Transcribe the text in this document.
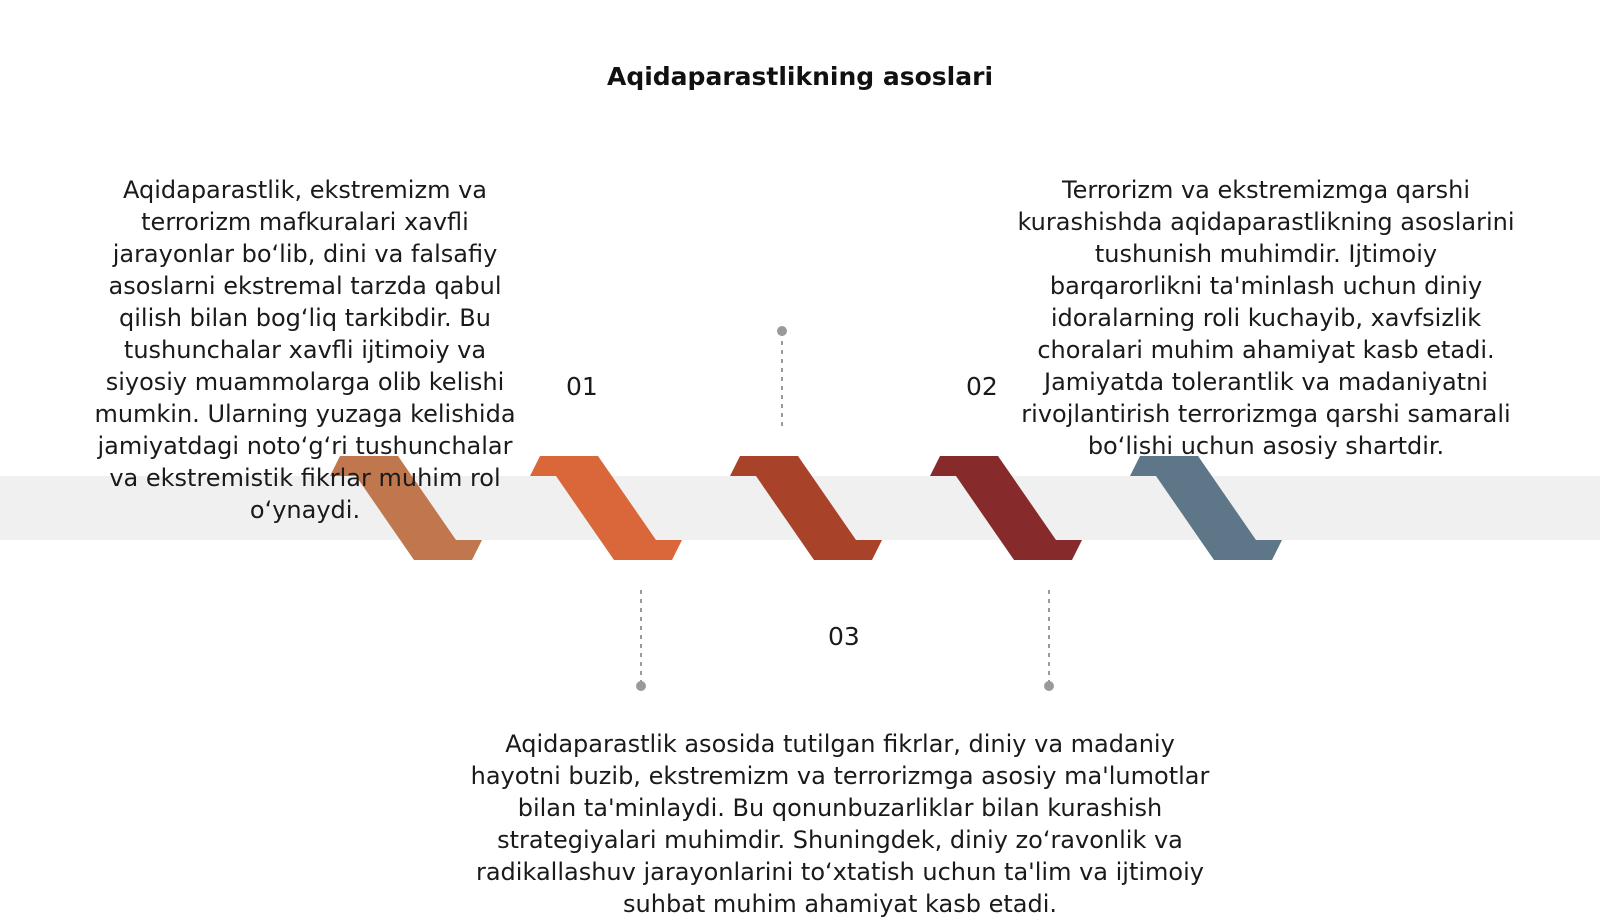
Aqidaparastlikning asoslari
Aqidaparastlik, ekstremizm va terrorizm mafkuralari xavfli jarayonlar bo‘lib, dini va falsafiy asoslarni ekstremal tarzda qabul qilish bilan bog‘liq tarkibdir. Bu tushunchalar xavfli ijtimoiy va siyosiy muammolarga olib kelishi mumkin. Ularning yuzaga kelishida jamiyatdagi noto‘g‘ri tushunchalar va ekstremistik fikrlar muhim rol o‘ynaydi.
01
Terrorizm va ekstremizmga qarshi kurashishda aqidaparastlikning asoslarini tushunish muhimdir. Ijtimoiy barqarorlikni ta'minlash uchun diniy idoralarning roli kuchayib, xavfsizlik choralari muhim ahamiyat kasb etadi. Jamiyatda tolerantlik va madaniyatni rivojlantirish terrorizmga qarshi samarali bo‘lishi uchun asosiy shartdir.
02
03
Aqidaparastlik asosida tutilgan fikrlar, diniy va madaniy hayotni buzib, ekstremizm va terrorizmga asosiy ma'lumotlar bilan ta'minlaydi. Bu qonunbuzarliklar bilan kurashish strategiyalari muhimdir. Shuningdek, diniy zo‘ravonlik va radikallashuv jarayonlarini to‘xtatish uchun ta'lim va ijtimoiy suhbat muhim ahamiyat kasb etadi.
